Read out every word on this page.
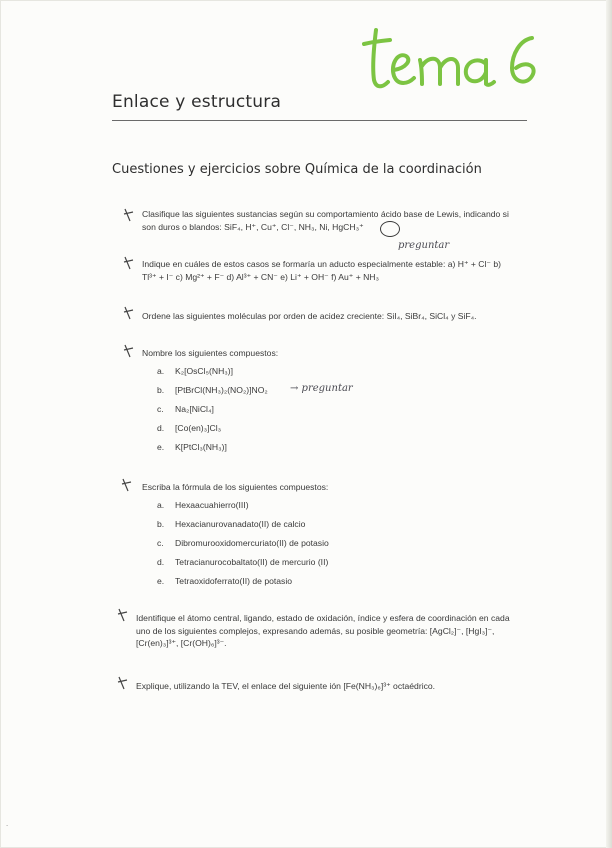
Enlace y estructura
Cuestiones y ejercicios sobre Química de la coordinación
Clasifique las siguientes sustancias según su comportamiento ácido base de Lewis, indicando si son duros o blandos: SiF₄, H⁺, Cu⁺, Cl⁻, NH₃, Ni, HgCH₃⁺
preguntar
Indique en cuáles de estos casos se formaría un aducto especialmente estable: a) H⁺ + Cl⁻ b) Tl³⁺ + I⁻ c) Mg²⁺ + F⁻ d) Al³⁺ + CN⁻ e) Li⁺ + OH⁻ f) Au⁺ + NH₃
Ordene las siguientes moléculas por orden de acidez creciente: SiI₄, SiBr₄, SiCl₄ y SiF₄.
Nombre los siguientes compuestos:
a. K₂[OsCl₅(NH₃)]
b. [PtBrCl(NH₃)₂(NO₂)]NO₂
c. Na₂[NiCl₄]
d. [Co(en)₃]Cl₃
e. K[PtCl₃(NH₃)]
→ preguntar
Escriba la fórmula de los siguientes compuestos:
a. Hexaacuahierro(III)
b. Hexacianurovanadato(II) de calcio
c. Dibromurooxidomercuriato(II) de potasio
d. Tetracianurocobaltato(II) de mercurio (II)
e. Tetraoxidoferrato(II) de potasio
Identifique el átomo central, ligando, estado de oxidación, índice y esfera de coordinación en cada uno de los siguientes complejos, expresando además, su posible geometría: [AgCl₂]⁻, [HgI₃]⁻, [Cr(en)₃]³⁺, [Cr(OH)₆]³⁻.
Explique, utilizando la TEV, el enlace del siguiente ión [Fe(NH₃)₆]³⁺ octaédrico.
˙
